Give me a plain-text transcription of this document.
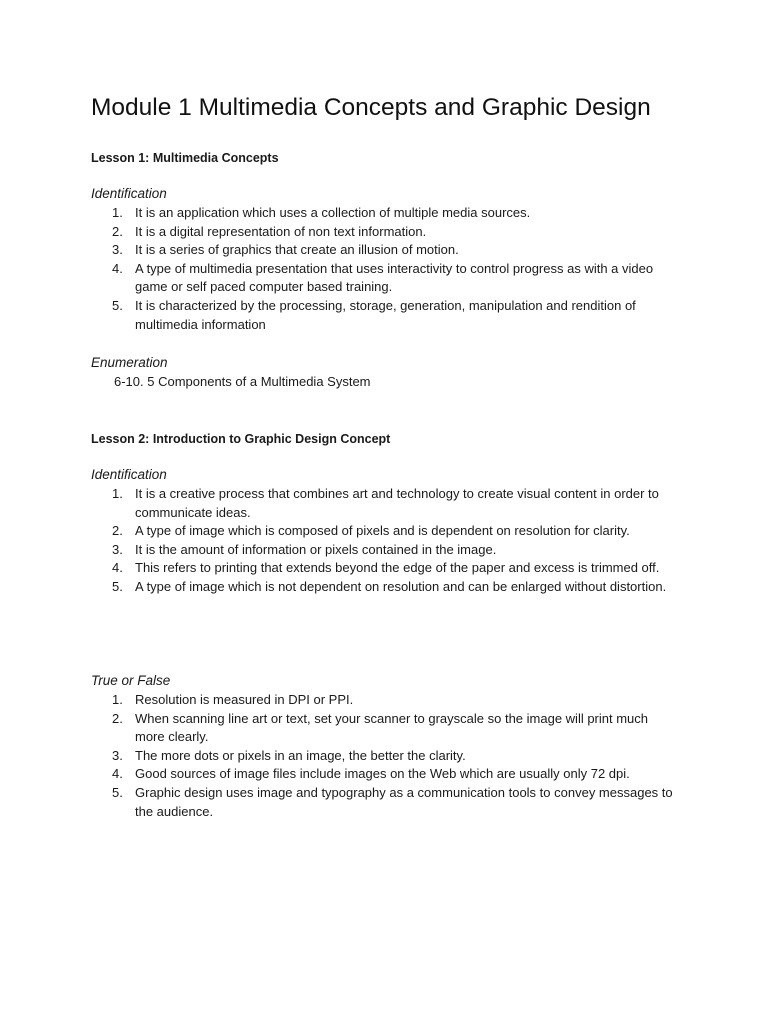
Module 1 Multimedia Concepts and Graphic Design
Lesson 1: Multimedia Concepts
Identification
1. It is an application which uses a collection of multiple media sources.
2. It is a digital representation of non text information.
3. It is a series of graphics that create an illusion of motion.
4. A type of multimedia presentation that uses interactivity to control progress as with a video game or self paced computer based training.
5. It is characterized by the processing, storage, generation, manipulation and rendition of multimedia information
Enumeration
6-10. 5 Components of a Multimedia System
Lesson 2: Introduction to Graphic Design Concept
Identification
1. It is a creative process that combines art and technology to create visual content in order to communicate ideas.
2. A type of image which is composed of pixels and is dependent on resolution for clarity.
3. It is the amount of information or pixels contained in the image.
4. This refers to printing that extends beyond the edge of the paper and excess is trimmed off.
5. A type of image which is not dependent on resolution and can be enlarged without distortion.
True or False
1. Resolution is measured in DPI or PPI.
2. When scanning line art or text, set your scanner to grayscale so the image will print much more clearly.
3. The more dots or pixels in an image, the better the clarity.
4. Good sources of image files include images on the Web which are usually only 72 dpi.
5. Graphic design uses image and typography as a communication tools to convey messages to the audience.
